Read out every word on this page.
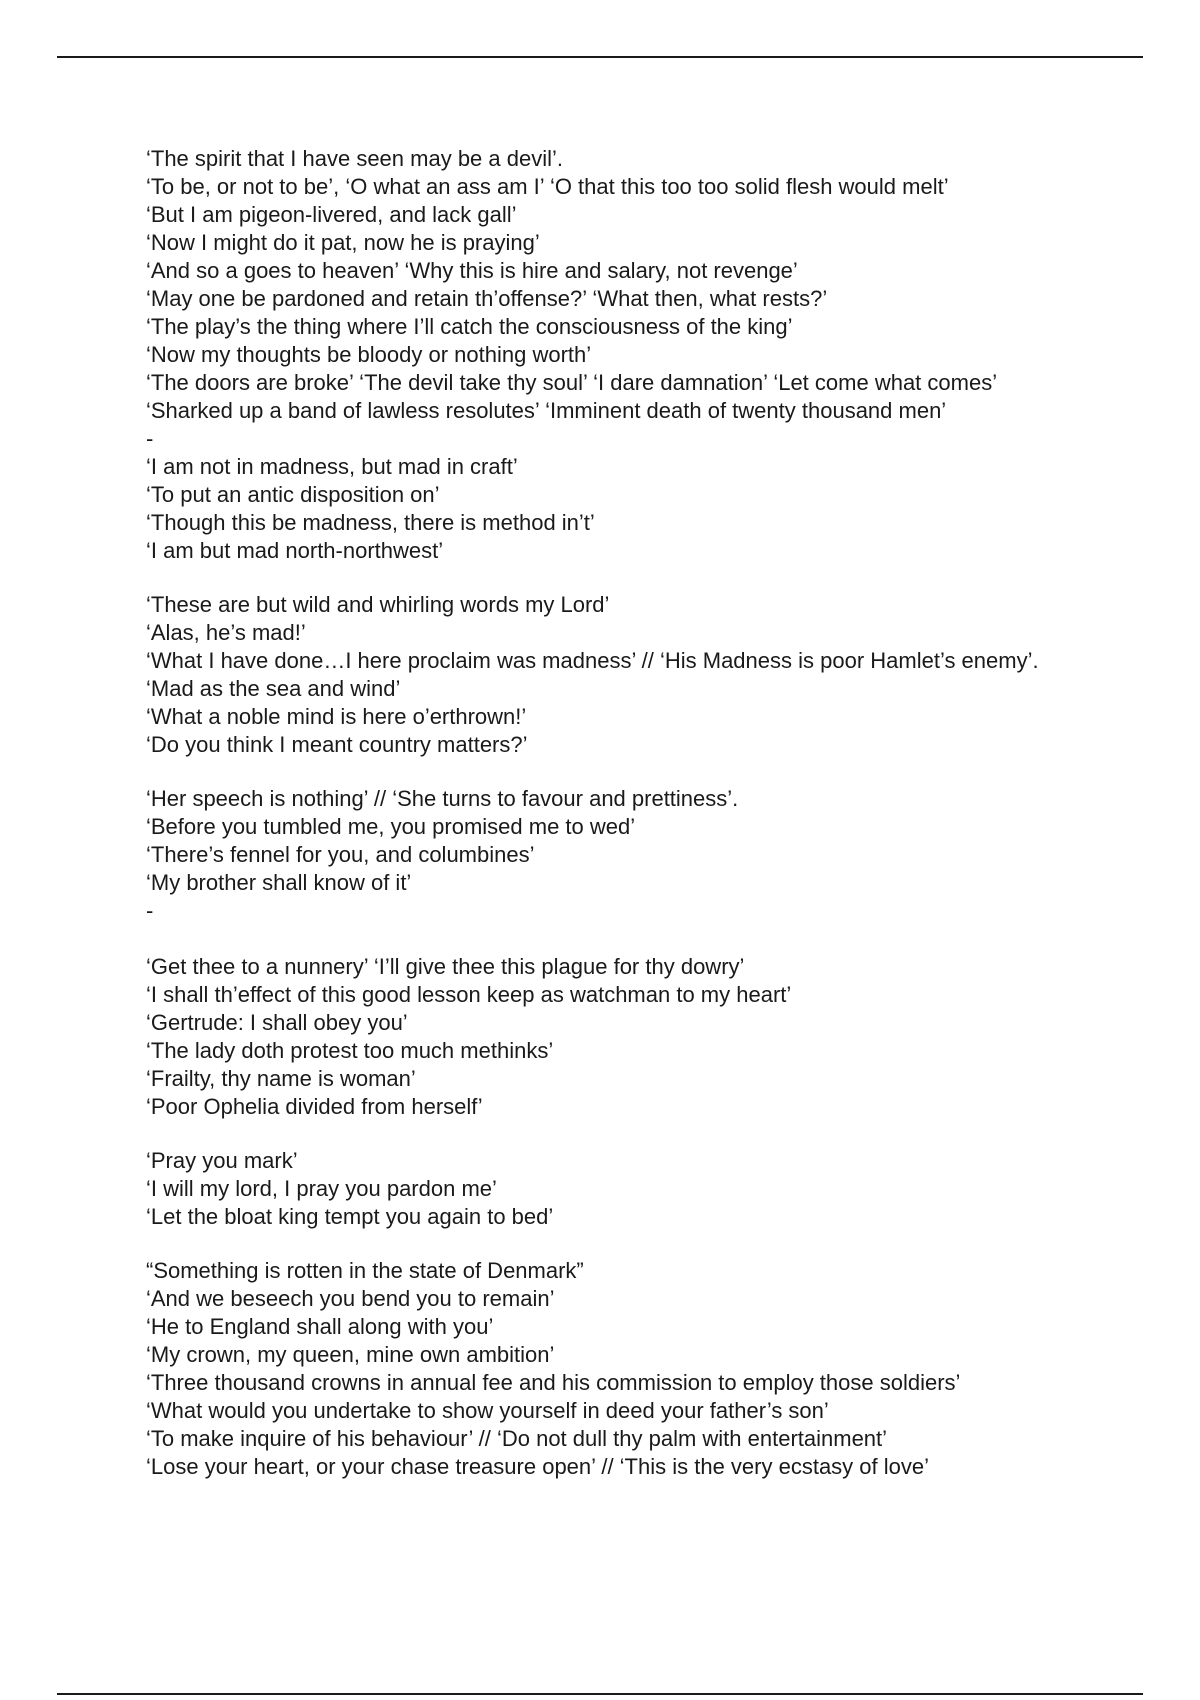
‘The spirit that I have seen may be a devil’.

‘To be, or not to be’, ‘O what an ass am I’ ‘O that this too too solid flesh would melt’

‘But I am pigeon-livered, and lack gall’

‘Now I might do it pat, now he is praying’

‘And so a goes to heaven’ ‘Why this is hire and salary, not revenge’

‘May one be pardoned and retain th’offense?’ ‘What then, what rests?’

‘The play’s the thing where I’ll catch the consciousness of the king’

‘Now my thoughts be bloody or nothing worth’

‘The doors are broke’ ‘The devil take thy soul’ ‘I dare damnation’ ‘Let come what comes’

‘Sharked up a band of lawless resolutes’ ‘Imminent death of twenty thousand men’

-

‘I am not in madness, but mad in craft’

‘To put an antic disposition on’

‘Though this be madness, there is method in’t’

‘I am but mad north-northwest’

‘These are but wild and whirling words my Lord’

‘Alas, he’s mad!’

‘What I have done…I here proclaim was madness’ // ‘His Madness is poor Hamlet’s enemy’.

‘Mad as the sea and wind’

‘What a noble mind is here o’erthrown!’

‘Do you think I meant country matters?’

‘Her speech is nothing’ // ‘She turns to favour and prettiness’.

‘Before you tumbled me, you promised me to wed’

‘There’s fennel for you, and columbines’

‘My brother shall know of it’

-

‘Get thee to a nunnery’ ‘I’ll give thee this plague for thy dowry’

‘I shall th’effect of this good lesson keep as watchman to my heart’

‘Gertrude: I shall obey you’

‘The lady doth protest too much methinks’

‘Frailty, thy name is woman’

‘Poor Ophelia divided from herself’

‘Pray you mark’

‘I will my lord, I pray you pardon me’

‘Let the bloat king tempt you again to bed’

“Something is rotten in the state of Denmark”

‘And we beseech you bend you to remain’

‘He to England shall along with you’

‘My crown, my queen, mine own ambition’

‘Three thousand crowns in annual fee and his commission to employ those soldiers’

‘What would you undertake to show yourself in deed your father’s son’

‘To make inquire of his behaviour’ // ‘Do not dull thy palm with entertainment’

‘Lose your heart, or your chase treasure open’ // ‘This is the very ecstasy of love’
